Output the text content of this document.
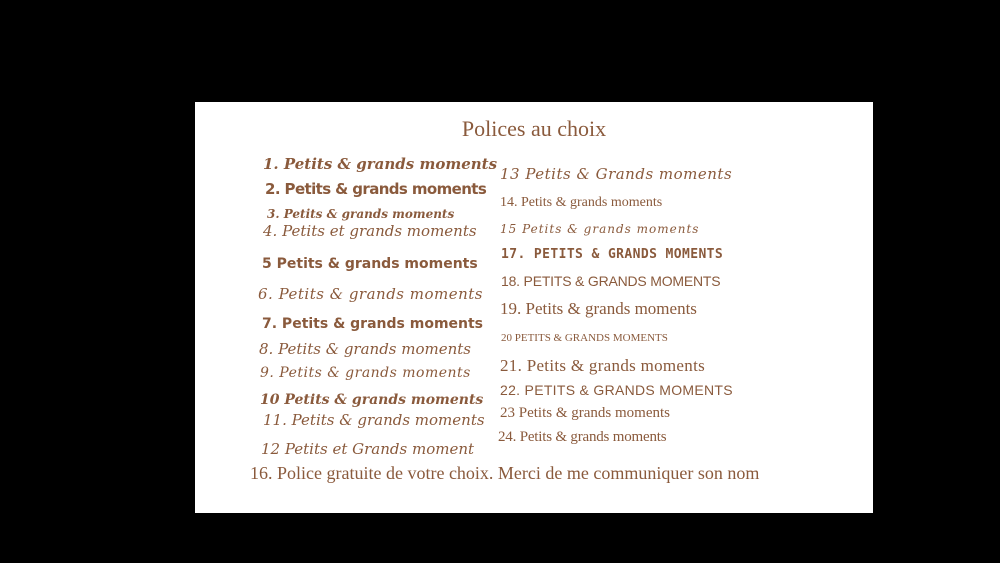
Polices au choix
1. Petits & grands moments
2. Petits & grands moments
3. Petits & grands moments
4. Petits et grands moments
5 Petits & grands moments
6. Petits & grands moments
7. Petits & grands moments
8. Petits & grands moments
9. Petits & grands moments
10 Petits & grands moments
11. Petits & grands moments
12 Petits et Grands moment
13 Petits & Grands moments
14. Petits & grands moments
15 Petits & grands moments
17. PETITS & GRANDS MOMENTS
18. PETITS & GRANDS MOMENTS
19. Petits & grands moments
20 PETITS & GRANDS MOMENTS
21. Petits & grands moments
22. PETITS & GRANDS MOMENTS
23 Petits & grands moments
24. Petits & grands moments
16. Police gratuite de votre choix. Merci de me communiquer son nom
